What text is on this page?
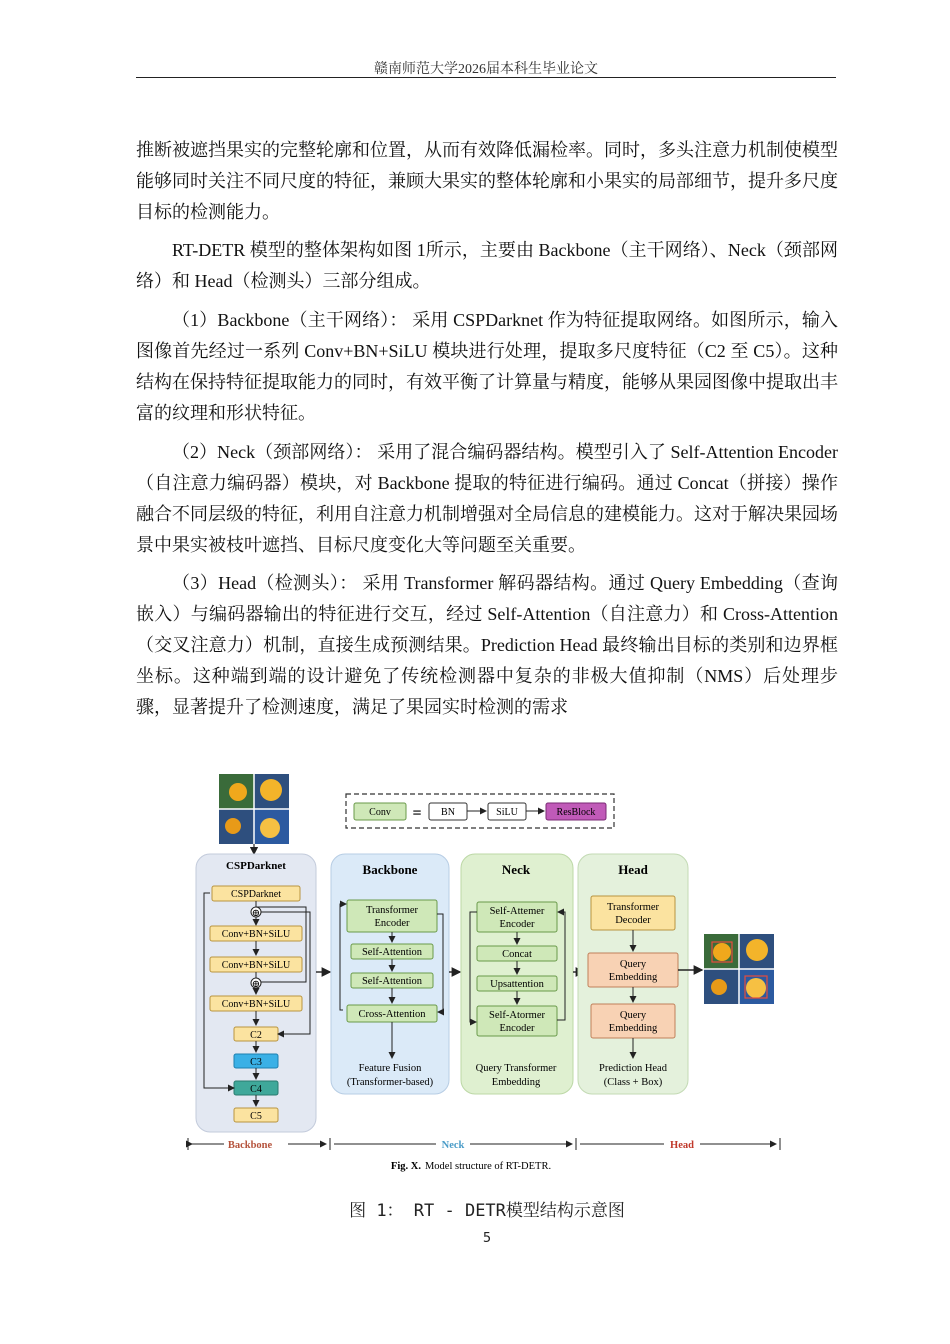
赣南师范大学2026届本科生毕业论文

推断被遮挡果实的完整轮廓和位置，从而有效降低漏检率。同时，多头注意力机制使模型能够同时关注不同尺度的特征，兼顾大果实的整体轮廓和小果实的局部细节，提升多尺度目标的检测能力。

RT-DETR 模型的整体架构如图 1所示，主要由 Backbone（主干网络）、Neck（颈部网络）和 Head（检测头）三部分组成。

（1）Backbone（主干网络）： 采用 CSPDarknet 作为特征提取网络。如图所示，输入图像首先经过一系列 Conv+BN+SiLU 模块进行处理，提取多尺度特征（C2 至 C5）。这种结构在保持特征提取能力的同时，有效平衡了计算量与精度，能够从果园图像中提取出丰富的纹理和形状特征。

（2）Neck（颈部网络）： 采用了混合编码器结构。模型引入了 Self-Attention Encoder（自注意力编码器）模块，对 Backbone 提取的特征进行编码。通过 Concat（拼接）操作融合不同层级的特征，利用自注意力机制增强对全局信息的建模能力。这对于解决果园场景中果实被枝叶遮挡、目标尺度变化大等问题至关重要。

（3）Head（检测头）： 采用 Transformer 解码器结构。通过 Query Embedding（查询嵌入）与编码器输出的特征进行交互，经过 Self-Attention（自注意力）和 Cross-Attention（交叉注意力）机制，直接生成预测结果。Prediction Head 最终输出目标的类别和边界框坐标。这种端到端的设计避免了传统检测器中复杂的非极大值抑制（NMS）后处理步骤，显著提升了检测速度，满足了果园实时检测的需求

Conv = BN	SiLU	ResBlock
CSPDarknet
CSPDarknet
⊕
Conv+BN+SiLU
Conv+BN+SiLU
⊕
Conv+BN+SiLU
C2
C3
C4
C5
Backbone
Transformer
Encoder
Self-Attention
Self-Attention
Cross-Attention
Feature Fusion
(Transformer-based)
Neck
Self-Attemer
Encoder
Concat
Upsattention
Self-Atormer
Encoder
Query Transformer
Embedding
Head
Transformer
Decoder
Query
Embedding
Query
Embedding
Prediction Head
(Class + Box)
Backbone	Neck	Head
Fig. X. Model structure of RT-DETR.
图 1： RT - DETR模型结构示意图
5
